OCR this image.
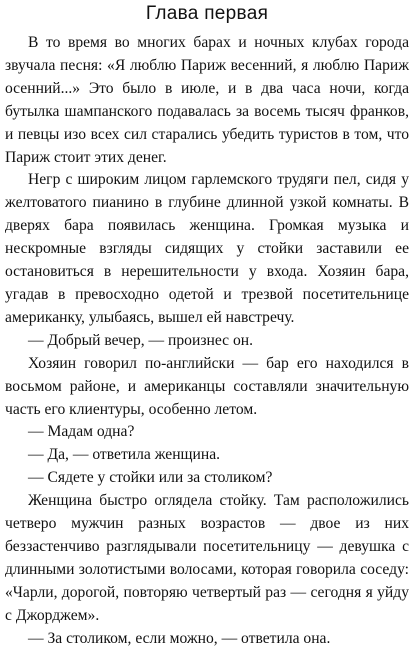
Глава первая

В то время во многих барах и ночных клубах города звучала песня: «Я люблю Париж весенний, я люблю Париж осенний...» Это было в июле, и в два часа ночи, когда бутылка шампанского подавалась за восемь тысяч франков, и певцы изо всех сил старались убедить туристов в том, что Париж стоит этих денег.

Негр с широким лицом гарлемского трудяги пел, сидя у желтоватого пианино в глубине длинной узкой комнаты. В дверях бара появилась женщина. Громкая музыка и нескромные взгляды сидящих у стойки заставили ее остановиться в нерешительности у входа. Хозяин бара, угадав в превосходно одетой и трезвой посетительнице американку, улыбаясь, вышел ей навстречу.

— Добрый вечер, — произнес он.

Хозяин говорил по-английски — бар его находился в восьмом районе, и американцы составляли значительную часть его клиентуры, особенно летом.

— Мадам одна?

— Да, — ответила женщина.

— Сядете у стойки или за столиком?

Женщина быстро оглядела стойку. Там расположились четверо мужчин разных возрастов — двое из них беззастенчиво разглядывали посетительницу — девушка с длинными золотистыми волосами, которая говорила соседу: «Чарли, дорогой, повторяю четвертый раз — сегодня я уйду с Джорджем».

— За столиком, если можно, — ответила она.
